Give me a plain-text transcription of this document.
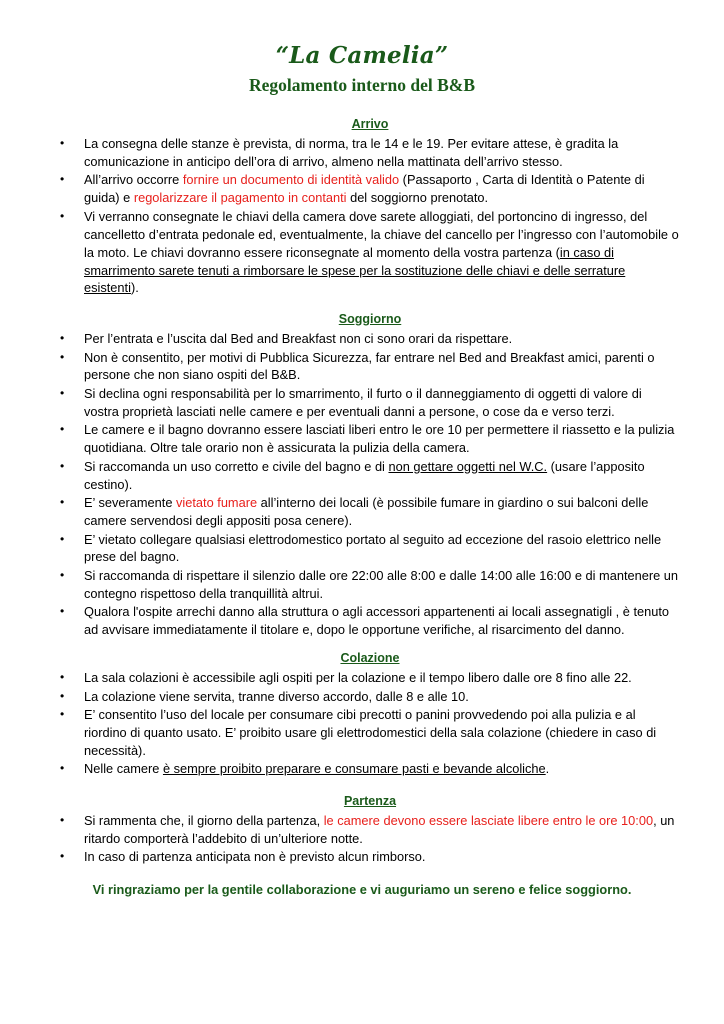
“La Camelia”
Regolamento interno del B&B
Arrivo
• La consegna delle stanze è prevista, di norma, tra le 14 e le 19. Per evitare attese, è gradita la comunicazione in anticipo dell’ora di arrivo, almeno nella mattinata dell’arrivo stesso.
• All’arrivo occorre fornire un documento di identità valido (Passaporto , Carta di Identità o Patente di guida) e regolarizzare il pagamento in contanti del soggiorno prenotato.
• Vi verranno consegnate le chiavi della camera dove sarete alloggiati, del portoncino di ingresso, del cancelletto d’entrata pedonale ed, eventualmente, la chiave del cancello per l’ingresso con l’automobile o la moto. Le chiavi dovranno essere riconsegnate al momento della vostra partenza (in caso di smarrimento sarete tenuti a rimborsare le spese per la sostituzione delle chiavi e delle serrature esistenti).
Soggiorno
• Per l’entrata e l’uscita dal Bed and Breakfast non ci sono orari da rispettare.
• Non è consentito, per motivi di Pubblica Sicurezza, far entrare nel Bed and Breakfast amici, parenti o persone che non siano ospiti del B&B.
• Si declina ogni responsabilità per lo smarrimento, il furto o il danneggiamento di oggetti di valore di vostra proprietà lasciati nelle camere e per eventuali danni a persone, o cose da e verso terzi.
• Le camere e il bagno dovranno essere lasciati liberi entro le ore 10 per permettere il riassetto e la pulizia quotidiana. Oltre tale orario non è assicurata la pulizia della camera.
• Si raccomanda un uso corretto e civile del bagno e di non gettare oggetti nel W.C. (usare l’apposito cestino).
• E’ severamente vietato fumare all’interno dei locali (è possibile fumare in giardino o sui balconi delle camere servendosi degli appositi posa cenere).
• E’ vietato collegare qualsiasi elettrodomestico portato al seguito ad eccezione del rasoio elettrico nelle prese del bagno.
• Si raccomanda di rispettare il silenzio dalle ore 22:00 alle 8:00 e dalle 14:00 alle 16:00 e di mantenere un contegno rispettoso della tranquillità altrui.
• Qualora l'ospite arrechi danno alla struttura o agli accessori appartenenti ai locali assegnatigli , è tenuto ad avvisare immediatamente il titolare e, dopo le opportune verifiche, al risarcimento del danno.
Colazione
• La sala colazioni è accessibile agli ospiti per la colazione e il tempo libero dalle ore 8 fino alle 22.
• La colazione viene servita, tranne diverso accordo, dalle 8 e alle 10.
• E’ consentito l’uso del locale per consumare cibi precotti o panini provvedendo poi alla pulizia e al riordino di quanto usato. E’ proibito usare gli elettrodomestici della sala colazione (chiedere in caso di necessità).
• Nelle camere è sempre proibito preparare e consumare pasti e bevande alcoliche.
Partenza
• Si rammenta che, il giorno della partenza, le camere devono essere lasciate libere entro le ore 10:00, un ritardo comporterà l’addebito di un’ulteriore notte.
• In caso di partenza anticipata non è previsto alcun rimborso.
Vi ringraziamo per la gentile collaborazione e vi auguriamo un sereno e felice soggiorno.
